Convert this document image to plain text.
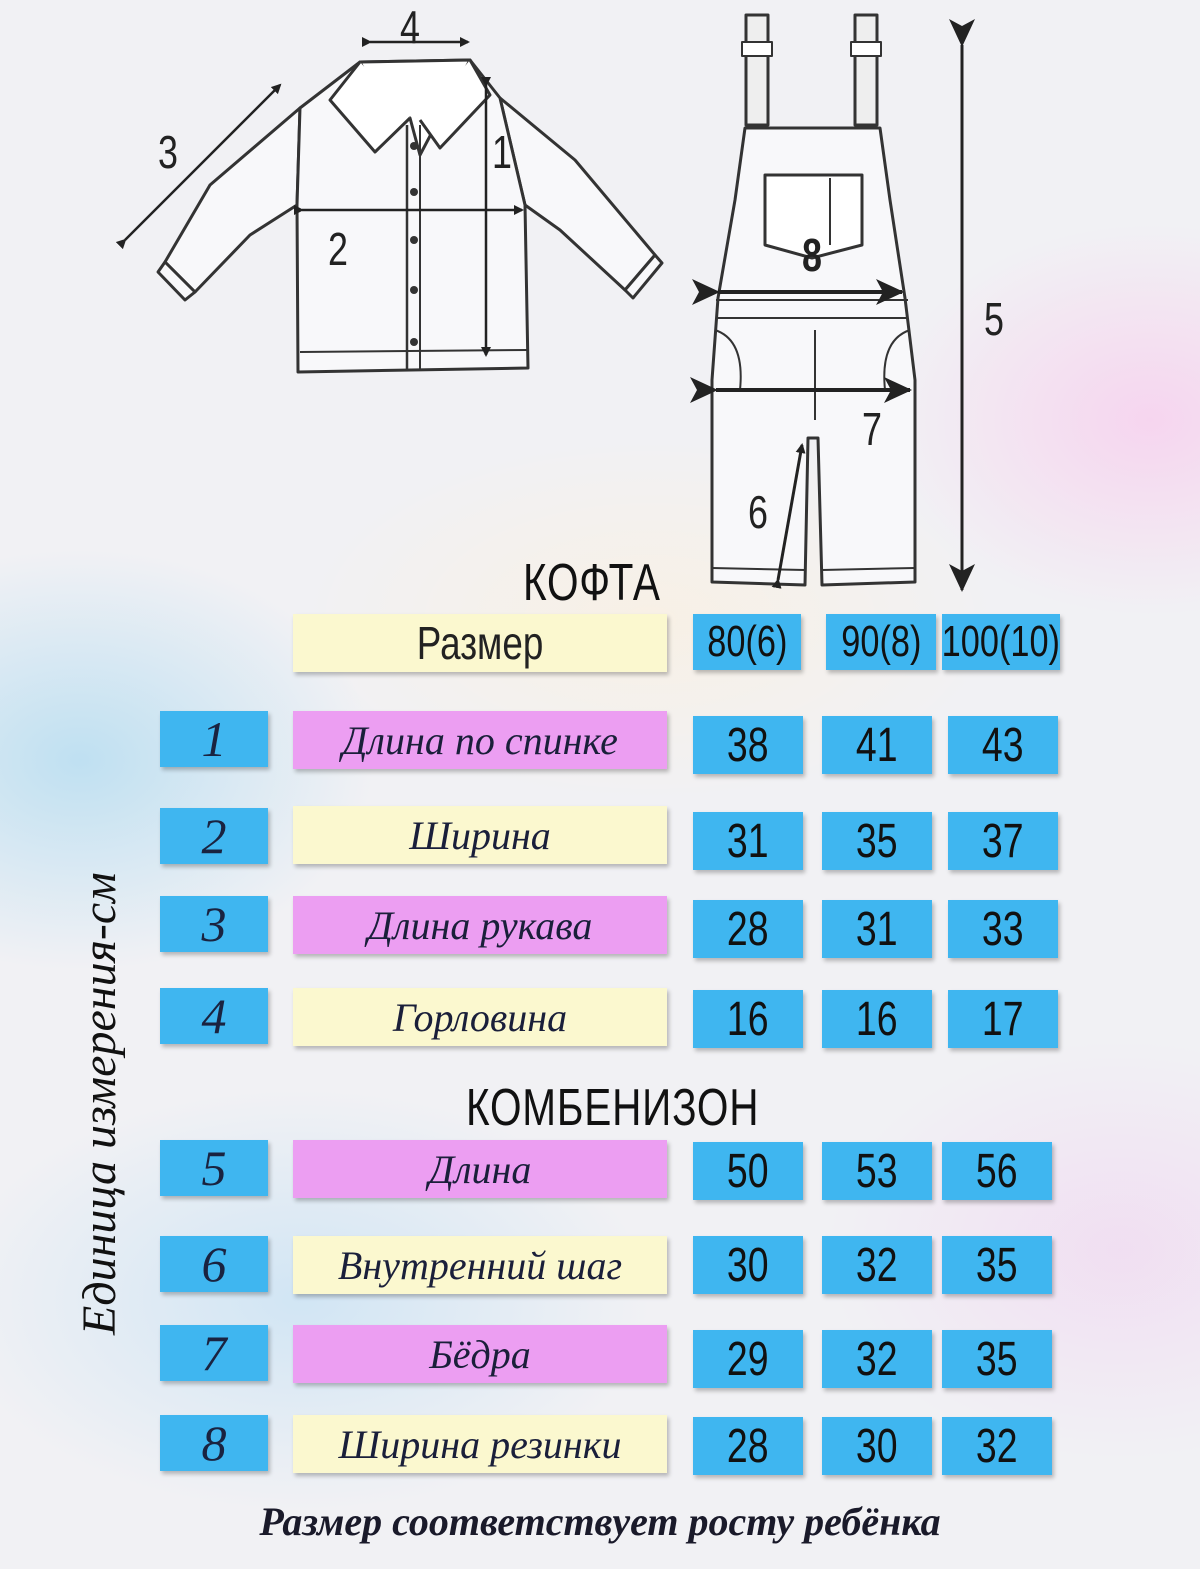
4
3	1
2	8
5
7
6
КОФТА
Размер	80(6) 90(8) 100(10)
1	Длина по спинке	38 41 43
2	Ширина	31 35 37
3	Длина рукава	28 31 33
4	Горловина	16 16 17
КОМБЕНИЗОН
5	Длина	50 53 56
6	Внутренний шаг	30 32 35
7	Бёдра	29 32 35
8	Ширина резинки	28 30 32
Единица измерения-см
Размер соответствует росту ребёнка
